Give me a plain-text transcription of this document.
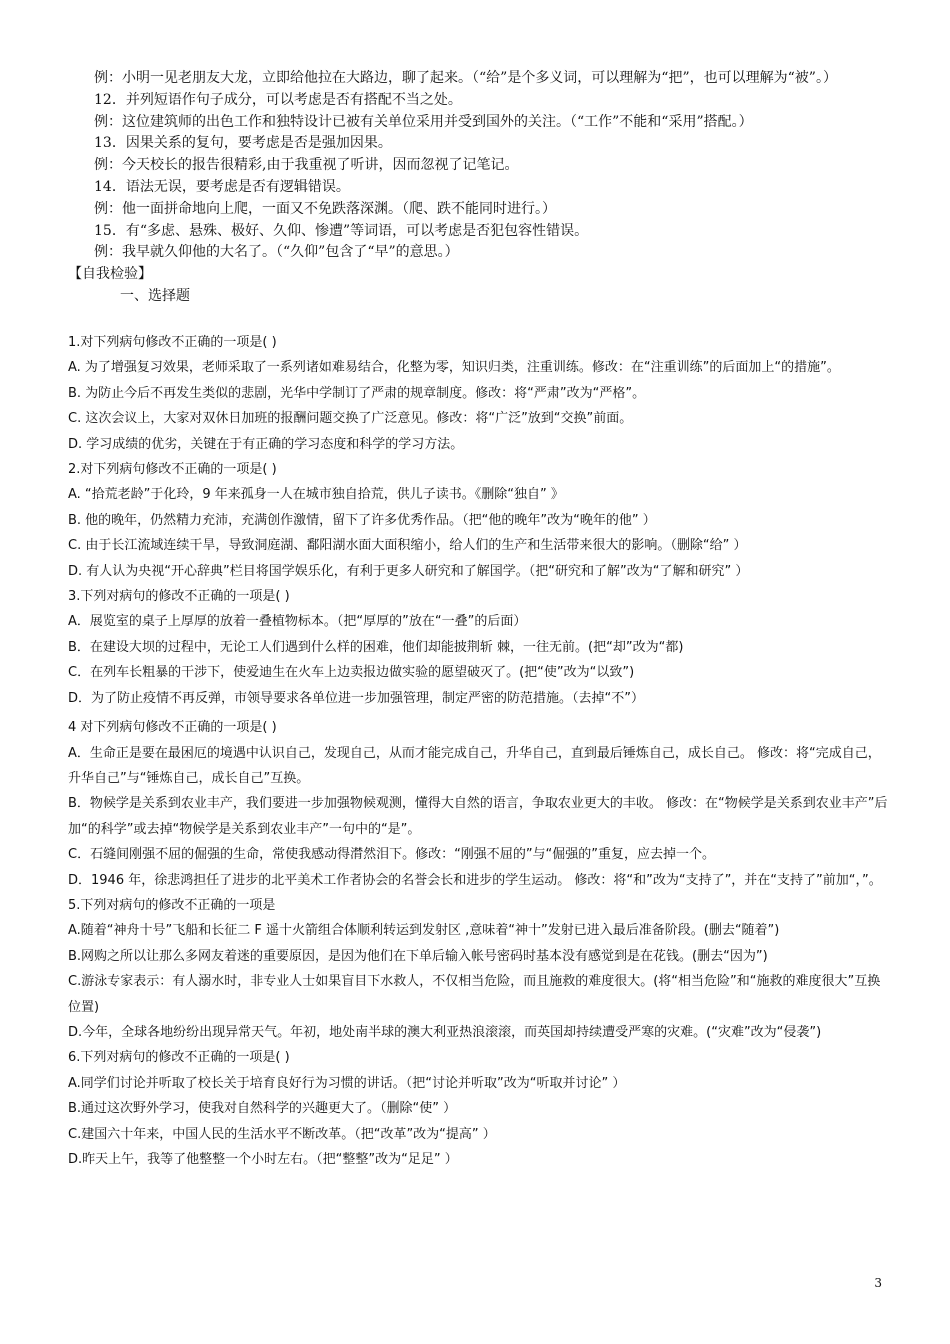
例：小明一见老朋友大龙，立即给他拉在大路边，聊了起来。（“给”是个多义词，可以理解为“把”，也可以理解为“被”。）

12．并列短语作句子成分，可以考虑是否有搭配不当之处。

例：这位建筑师的出色工作和独特设计已被有关单位采用并受到国外的关注。（“工作”不能和“采用”搭配。）

13．因果关系的复句，要考虑是否是强加因果。

例：今天校长的报告很精彩,由于我重视了听讲，因而忽视了记笔记。

14．语法无误，要考虑是否有逻辑错误。

例：他一面拼命地向上爬，一面又不免跌落深渊。（爬、跌不能同时进行。）

15．有“多虑、悬殊、极好、久仰、惨遭”等词语，可以考虑是否犯包容性错误。

例：我早就久仰他的大名了。（“久仰”包含了“早”的意思。）

【自我检验】

一、选择题

1.对下列病句修改不正确的一项是( )

A. 为了增强复习效果，老师采取了一系列诸如难易结合，化整为零，知识归类，注重训练。修改：在“注重训练”的后面加上“的措施”。

B. 为防止今后不再发生类似的悲剧，光华中学制订了严肃的规章制度。修改：将“严肃”改为“严格”。

C. 这次会议上，大家对双休日加班的报酬问题交换了广泛意见。修改：将“广泛”放到“交换”前面。

D. 学习成绩的优劣，关键在于有正确的学习态度和科学的学习方法。

2.对下列病句修改不正确的一项是( )

A. “拾荒老龄”于化玲，9 年来孤身一人在城市独自拾荒，供儿子读书。《删除“独自” 》

B. 他的晚年，仍然精力充沛，充满创作激情，留下了许多优秀作品。（把“他的晚年”改为“晚年的他” ）

C. 由于长江流域连续干旱，导致洞庭湖、鄱阳湖水面大面积缩小，给人们的生产和生活带来很大的影响。（删除“给” ）

D. 有人认为央视“开心辞典”栏目将国学娱乐化，有利于更多人研究和了解国学。（把“研究和了解”改为“了解和研究” ）

3.下列对病句的修改不正确的一项是( )

A．展览室的桌子上厚厚的放着一叠植物标本。（把“厚厚的”放在“一叠”的后面）

B．在建设大坝的过程中，无论工人们遇到什么样的困难，他们却能披荆斩 棘，一往无前。(把“却”改为“都)

C．在列车长粗暴的干涉下，使爱迪生在火车上边卖报边做实验的愿望破灭了。(把“使”改为“以致”)

D．为了防止疫情不再反弹，市领导要求各单位进一步加强管理，制定严密的防范措施。（去掉“不”）

4 对下列病句修改不正确的一项是( )

A．生命正是要在最困厄的境遇中认识自己，发现自己，从而才能完成自己，升华自己，直到最后锤炼自己，成长自己。 修改：将“完成自己，升华自己”与“锤炼自己，成长自己”互换。

B．物候学是关系到农业丰产，我们要进一步加强物候观测，懂得大自然的语言，争取农业更大的丰收。 修改：在“物候学是关系到农业丰产”后加“的科学”或去掉“物候学是关系到农业丰产”一句中的“是”。

C．石缝间刚强不屈的倔强的生命，常使我感动得潸然泪下。修改：“刚强不屈的”与“倔强的”重复，应去掉一个。

D．1946 年，徐悲鸿担任了进步的北平美术工作者协会的名誉会长和进步的学生运动。 修改：将“和”改为“支持了”，并在“支持了”前加“，”。

5.下列对病句的修改不正确的一项是

A.随着“神舟十号”飞船和长征二 F 遥十火箭组合体顺利转运到发射区 ,意味着“神十”发射已进入最后准备阶段。(删去“随着”)

B.网购之所以让那么多网友着迷的重要原因，是因为他们在下单后输入帐号密码时基本没有感觉到是在花钱。(删去“因为”)

C.游泳专家表示：有人溺水时，非专业人士如果盲目下水救人，不仅相当危险，而且施救的难度很大。(将“相当危险”和“施救的难度很大”互换位置)

D.今年，全球各地纷纷出现异常天气。年初，地处南半球的澳大利亚热浪滚滚，而英国却持续遭受严寒的灾难。(“灾难”改为“侵袭”)

6.下列对病句的修改不正确的一项是( )

A.同学们讨论并听取了校长关于培育良好行为习惯的讲话。（把“讨论并听取”改为“听取并讨论” ）

B.通过这次野外学习，使我对自然科学的兴趣更大了。（删除“使” ）

C.建国六十年来，中国人民的生活水平不断改革。（把“改革”改为“提高” ）

D.昨天上午，我等了他整整一个小时左右。（把“整整”改为“足足” ）

3
